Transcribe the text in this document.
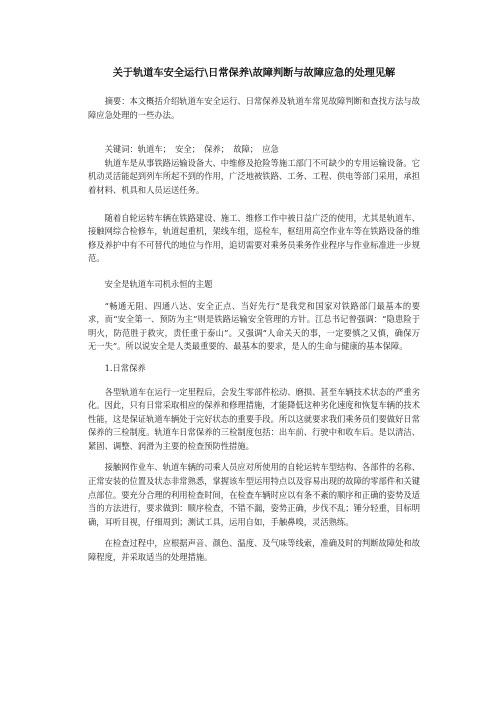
关于轨道车安全运行\日常保养\故障判断与故障应急的处理见解

摘要：本文概括介绍轨道车安全运行、日常保养及轨道车常见故障判断和查找方法与故障应急处理的一些办法。

关键词：轨道车；　安全；　保养；　故障；　应急

轨道车是从事铁路运输设备大、中维修及抢险等施工部门不可缺少的专用运输设备。它机动灵活能起到列车所起不到的作用，广泛地被铁路、工务、工程、供电等部门采用，承担着材料、机具和人员运送任务。

随着自轮运转车辆在铁路建设、施工、维修工作中被日益广泛的使用，尤其是轨道车、接触网综合检修车，轨道起重机，架线车组，巡检车，枢纽用高空作业车等在铁路设备的维修及养护中有不可替代的地位与作用，追切需要对乘务员乘务作业程序与作业标准进一步规范。

安全是轨道车司机永恒的主题

“畅通无阻、四通八达、安全正点、当好先行”是我党和国家对铁路部门最基本的要求，而“安全第一、预防为主”则是铁路运输安全管理的方针。江总书记曾强调：“隐患险于明火，防范胜于救灾，责任重于泰山”。又强调“人命关天的事，一定要慎之又慎，确保万无一失”。所以说安全是人类最重要的、最基本的要求，是人的生命与健康的基本保障。

1.日常保养

各型轨道车在运行一定里程后，会发生零部件松动、磨损、甚至车辆技术状态的严重劣化。因此，只有日常采取相应的保养和修理措施，才能降低这种劣化速度和恢复车辆的技术性能，这是保证轨道车辆处于完好状态的重要手段。所以这就要求我们乘务员们要做好日常保养的三检制度。轨道车日常保养的三检制度包括：出车前、行驶中和收车后。是以清洁、紧固、调整、润滑为主要的检查预防性措施。

接触网作业车、轨道车辆的司乘人员应对所使用的自轮运转车型结构、各部件的名称、正常安装的位置及状态非常熟悉，掌握该车型运用特点以及容易出现的故障的零部件和关键点部位。要充分合理的利用检查时间，在检查车辆时应以有条不紊的顺序和正确的姿势及适当的方法进行，要求做到：顺序检查，不错不漏，姿势正确，步伐不乱；锤分轻重，目标明确，耳听目视，仔细周到；测试工具，运用自如，手触鼻嗅，灵活熟练。

在检查过程中，应根据声音、颜色、温度、及气味等线索，准确及时的判断故障处和故障程度，并采取适当的处理措施。
